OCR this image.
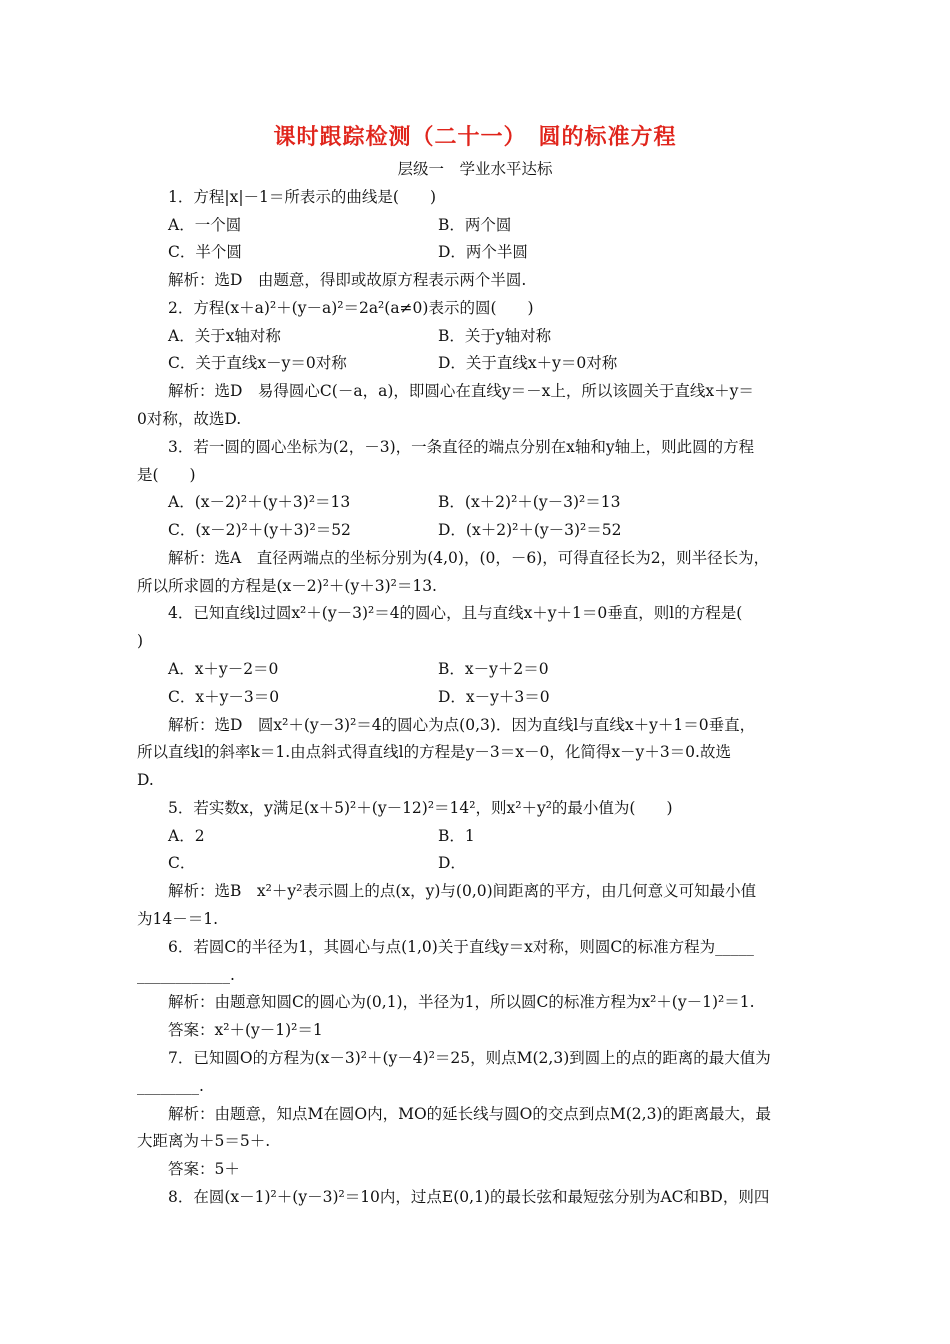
课时跟踪检测（二十一）　圆的标准方程
层级一　学业水平达标
1．方程|x|－1＝所表示的曲线是(　　)
A．一个圆	B．两个圆
C．半个圆	D．两个半圆
解析：选D　由题意，得即或故原方程表示两个半圆.
2．方程(x＋a)²＋(y－a)²＝2a²(a≠0)表示的圆(　　)
A．关于x轴对称	B．关于y轴对称
C．关于直线x－y＝0对称	D．关于直线x＋y＝0对称
解析：选D　易得圆心C(－a，a)，即圆心在直线y＝－x上，所以该圆关于直线x＋y＝
0对称，故选D.
3．若一圆的圆心坐标为(2，－3)，一条直径的端点分别在x轴和y轴上，则此圆的方程
是(　　)
A．(x－2)²＋(y＋3)²＝13	B．(x＋2)²＋(y－3)²＝13
C．(x－2)²＋(y＋3)²＝52	D．(x＋2)²＋(y－3)²＝52
解析：选A　直径两端点的坐标分别为(4,0)，(0，－6)，可得直径长为2，则半径长为，
所以所求圆的方程是(x－2)²＋(y＋3)²＝13.
4．已知直线l过圆x²＋(y－3)²＝4的圆心，且与直线x＋y＋1＝0垂直，则l的方程是(
)
A．x＋y－2＝0	B．x－y＋2＝0
C．x＋y－3＝0	D．x－y＋3＝0
解析：选D　圆x²＋(y－3)²＝4的圆心为点(0,3)．因为直线l与直线x＋y＋1＝0垂直，
所以直线l的斜率k＝1.由点斜式得直线l的方程是y－3＝x－0，化简得x－y＋3＝0.故选
D.
5．若实数x，y满足(x＋5)²＋(y－12)²＝14²，则x²＋y²的最小值为(　　)
A．2	B．1
C．	D．
解析：选B　x²＋y²表示圆上的点(x，y)与(0,0)间距离的平方，由几何意义可知最小值
为14－＝1.
6．若圆C的半径为1，其圆心与点(1,0)关于直线y＝x对称，则圆C的标准方程为_____
____________.
解析：由题意知圆C的圆心为(0,1)，半径为1，所以圆C的标准方程为x²＋(y－1)²＝1.
答案：x²＋(y－1)²＝1
7．已知圆O的方程为(x－3)²＋(y－4)²＝25，则点M(2,3)到圆上的点的距离的最大值为
________.
解析：由题意，知点M在圆O内，MO的延长线与圆O的交点到点M(2,3)的距离最大，最
大距离为＋5＝5＋.
答案：5＋
8．在圆(x－1)²＋(y－3)²＝10内，过点E(0,1)的最长弦和最短弦分别为AC和BD，则四
